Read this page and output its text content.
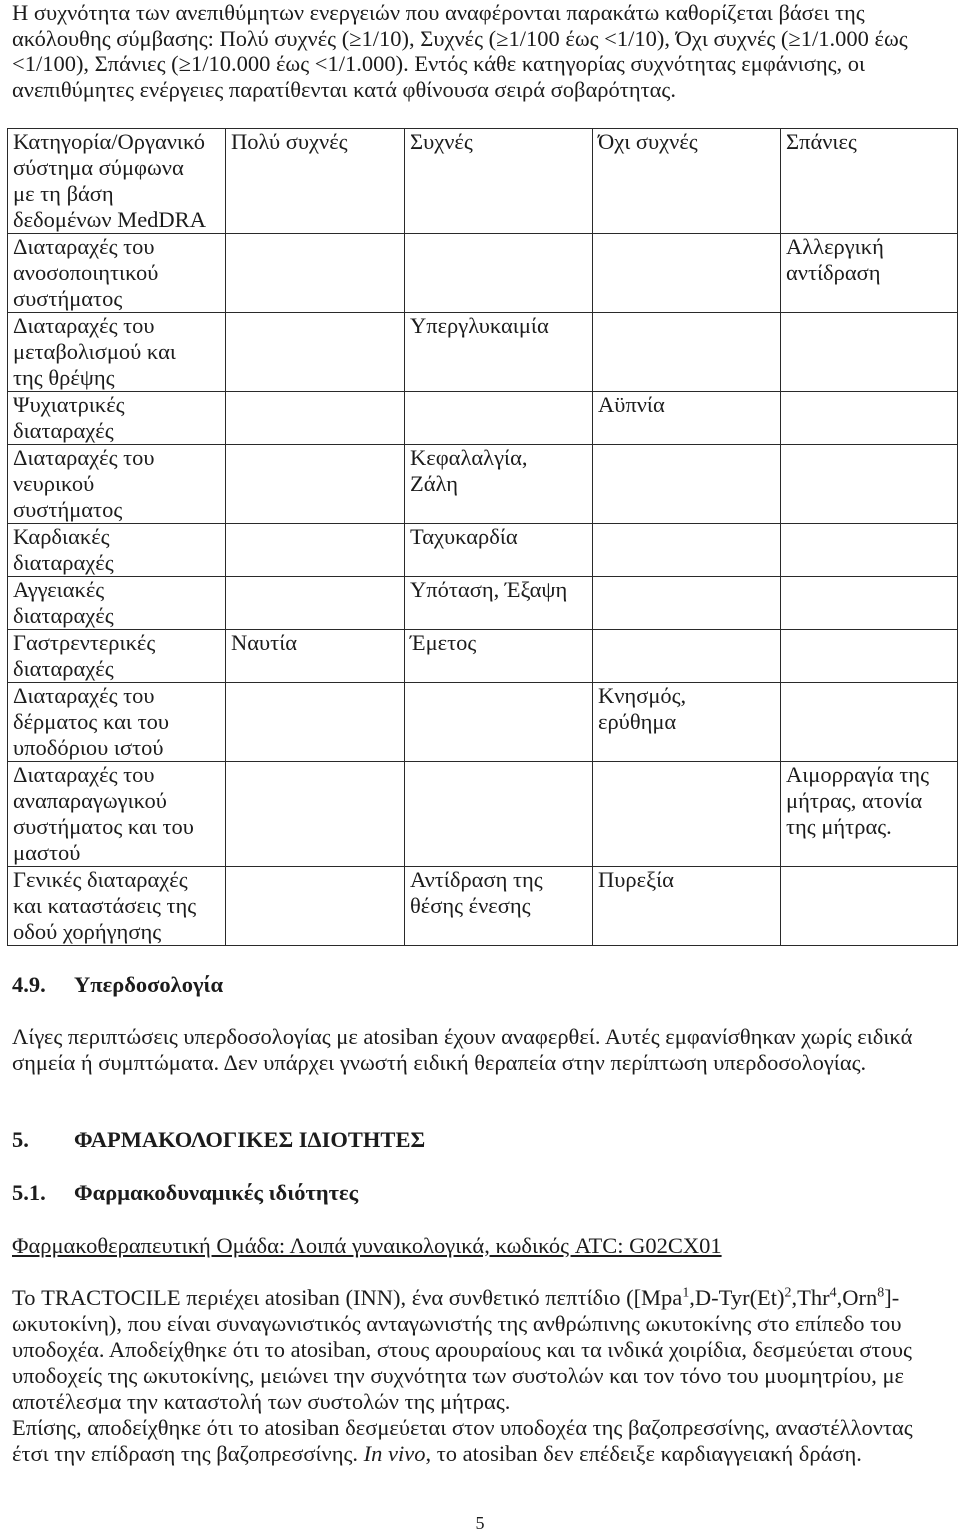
Η συχνότητα των ανεπιθύμητων ενεργειών που αναφέρονται παρακάτω καθορίζεται βάσει της
ακόλουθης σύμβασης: Πολύ συχνές (≥1/10), Συχνές (≥1/100 έως <1/10), Όχι συχνές (≥1/1.000 έως
<1/100), Σπάνιες (≥1/10.000 έως <1/1.000). Εντός κάθε κατηγορίας συχνότητας εμφάνισης, οι
ανεπιθύμητες ενέργειες παρατίθενται κατά φθίνουσα σειρά σοβαρότητας.
Κατηγορία/Οργανικό
σύστημα σύμφωνα
με τη βάση
δεδομένων MedDRA	Πολύ συχνές	Συχνές	Όχι συχνές	Σπάνιες
Διαταραχές του
ανοσοποιητικού
συστήματος				Αλλεργική
αντίδραση
Διαταραχές του
μεταβολισμού και
της θρέψης		Υπεργλυκαιμία		
Ψυχιατρικές
διαταραχές			Αϋπνία	
Διαταραχές του
νευρικού
συστήματος		Κεφαλαλγία,
Ζάλη		
Καρδιακές
διαταραχές		Ταχυκαρδία		
Αγγειακές
διαταραχές		Υπόταση, Έξαψη		
Γαστρεντερικές
διαταραχές	Ναυτία	Έμετος		
Διαταραχές του
δέρματος και του
υποδόριου ιστού			Κνησμός,
ερύθημα	
Διαταραχές του
αναπαραγωγικού
συστήματος και του
μαστού				Αιμορραγία της
μήτρας, ατονία
της μήτρας.
Γενικές διαταραχές
και καταστάσεις της
οδού χορήγησης		Αντίδραση της
θέσης ένεσης	Πυρεξία	
4.9. Υπερδοσολογία
Λίγες περιπτώσεις υπερδοσολογίας με atosiban έχουν αναφερθεί. Αυτές εμφανίσθηκαν χωρίς ειδικά
σημεία ή συμπτώματα. Δεν υπάρχει γνωστή ειδική θεραπεία στην περίπτωση υπερδοσολογίας.
5. ΦΑΡΜΑΚΟΛΟΓΙΚΕΣ ΙΔΙΟΤΗΤΕΣ
5.1. Φαρμακοδυναμικές ιδιότητες
Φαρμακοθεραπευτική Ομάδα: Λοιπά γυναικολογικά, κωδικός ATC: G02CX01
Το TRACTOCILE περιέχει atosiban (INN), ένα συνθετικό πεπτίδιο ($[Mpa^1,D-Tyr(Et)^2,Thr^4,Orn^8]-$
ωκυτοκίνη), που είναι συναγωνιστικός ανταγωνιστής της ανθρώπινης ωκυτοκίνης στο επίπεδο του
υποδοχέα. Αποδείχθηκε ότι το atosiban, στους αρουραίους και τα ινδικά χοιρίδια, δεσμεύεται στους
υποδοχείς της ωκυτοκίνης, μειώνει την συχνότητα των συστολών και τον τόνο του μυομητρίου, με
αποτέλεσμα την καταστολή των συστολών της μήτρας.
Επίσης, αποδείχθηκε ότι το atosiban δεσμεύεται στον υποδοχέα της βαζοπρεσσίνης, αναστέλλοντας
έτσι την επίδραση της βαζοπρεσσίνης. In vivo, το atosiban δεν επέδειξε καρδιαγγειακή δράση.
5
